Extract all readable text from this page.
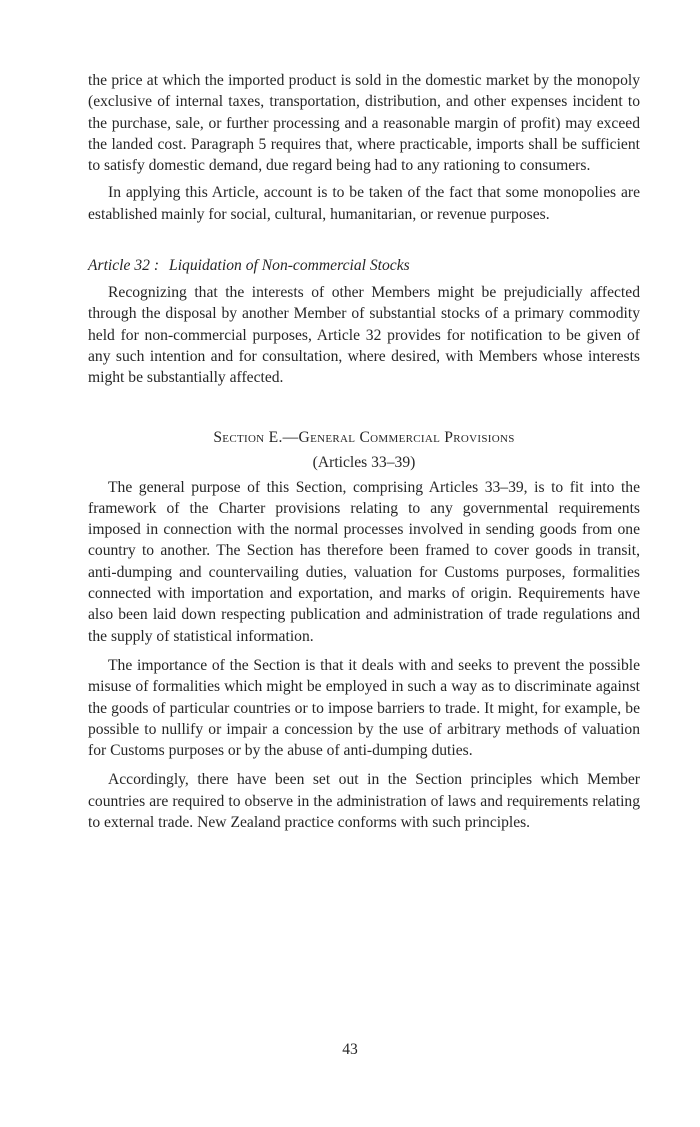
the price at which the imported product is sold in the domestic market by the monopoly (exclusive of internal taxes, transportation, distribution, and other expenses incident to the purchase, sale, or further processing and a reasonable margin of profit) may exceed the landed cost. Paragraph 5 requires that, where practicable, imports shall be sufficient to satisfy domestic demand, due regard being had to any rationing to consumers.

In applying this Article, account is to be taken of the fact that some monopolies are established mainly for social, cultural, humanitarian, or revenue purposes.

Article 32 : Liquidation of Non-commercial Stocks

Recognizing that the interests of other Members might be prejudicially affected through the disposal by another Member of substantial stocks of a primary commodity held for non-commercial purposes, Article 32 provides for notification to be given of any such intention and for consultation, where desired, with Members whose interests might be substantially affected.

Section E.—General Commercial Provisions
(Articles 33–39)

The general purpose of this Section, comprising Articles 33–39, is to fit into the framework of the Charter provisions relating to any governmental requirements imposed in connection with the normal processes involved in sending goods from one country to another. The Section has therefore been framed to cover goods in transit, anti-dumping and countervailing duties, valuation for Customs purposes, formalities connected with importation and exportation, and marks of origin. Requirements have also been laid down respecting publication and administration of trade regulations and the supply of statistical information.

The importance of the Section is that it deals with and seeks to prevent the possible misuse of formalities which might be employed in such a way as to discriminate against the goods of particular countries or to impose barriers to trade. It might, for example, be possible to nullify or impair a concession by the use of arbitrary methods of valuation for Customs purposes or by the abuse of anti-dumping duties.

Accordingly, there have been set out in the Section principles which Member countries are required to observe in the administration of laws and requirements relating to external trade. New Zealand practice conforms with such principles.

43
